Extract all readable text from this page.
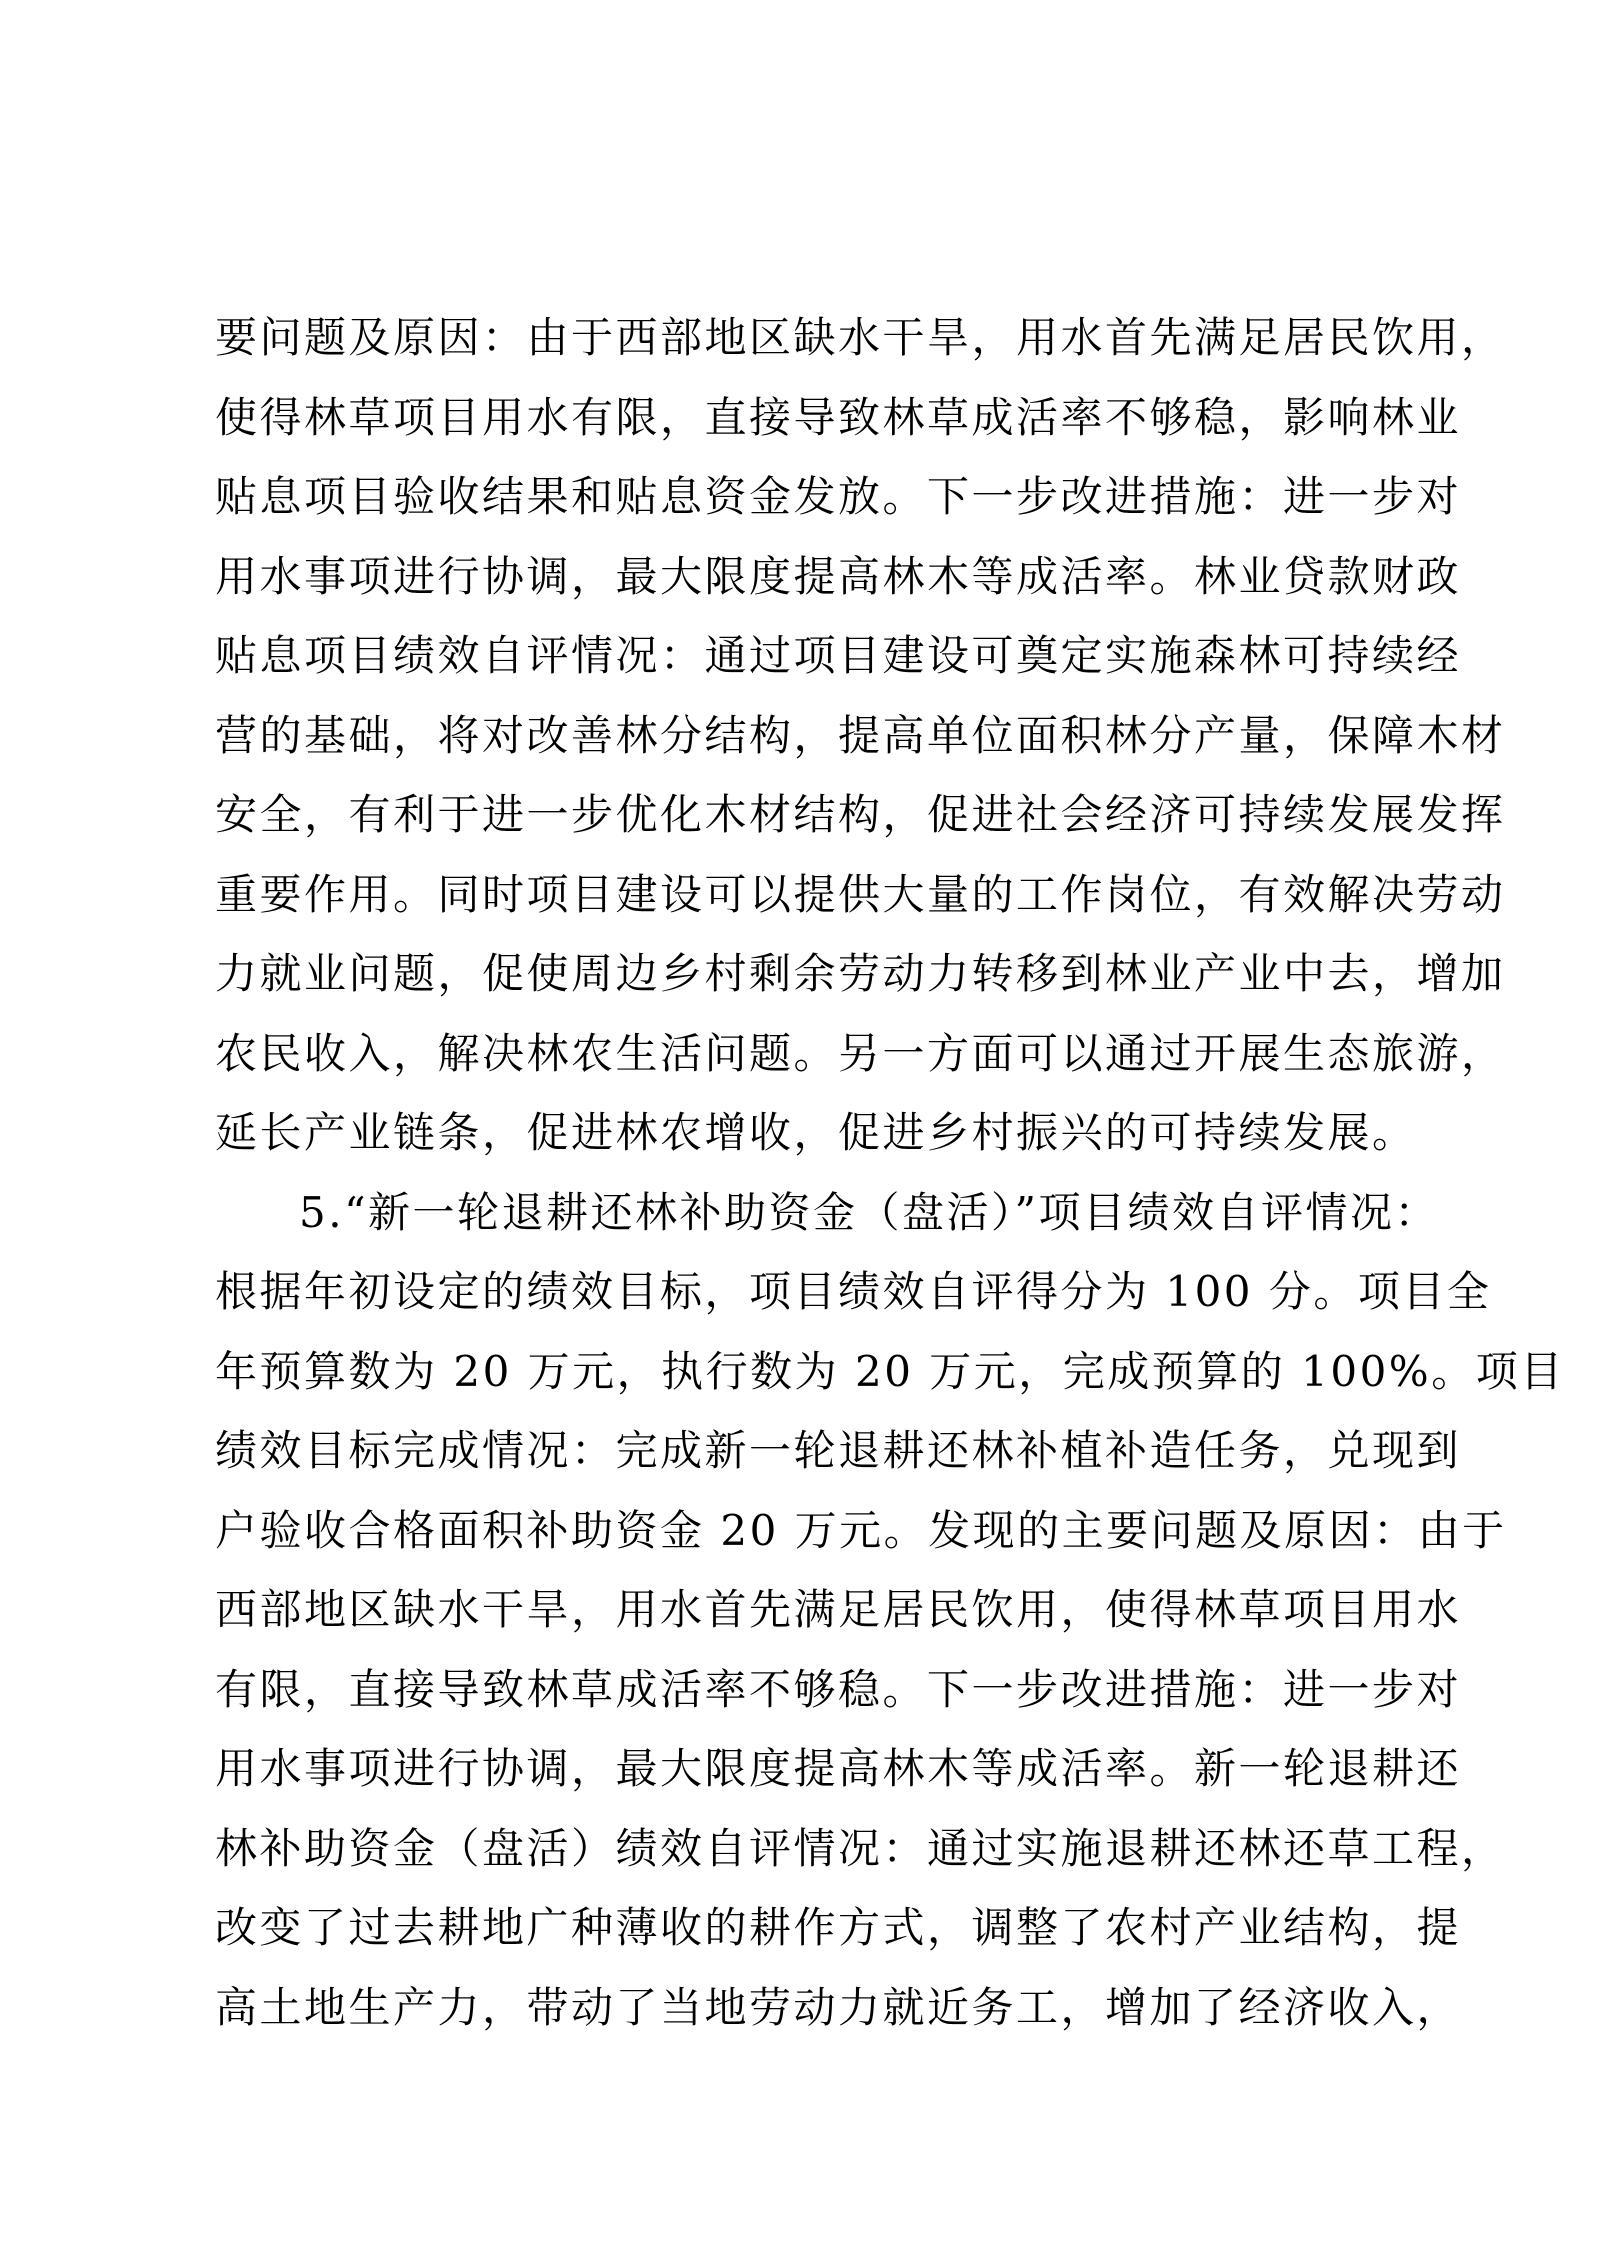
要问题及原因：由于西部地区缺水干旱，用水首先满足居民饮用，
使得林草项目用水有限，直接导致林草成活率不够稳，影响林业
贴息项目验收结果和贴息资金发放。下一步改进措施：进一步对
用水事项进行协调，最大限度提高林木等成活率。林业贷款财政
贴息项目绩效自评情况：通过项目建设可奠定实施森林可持续经
营的基础，将对改善林分结构，提高单位面积林分产量，保障木材
安全，有利于进一步优化木材结构，促进社会经济可持续发展发挥
重要作用。同时项目建设可以提供大量的工作岗位，有效解决劳动
力就业问题，促使周边乡村剩余劳动力转移到林业产业中去，增加
农民收入，解决林农生活问题。另一方面可以通过开展生态旅游，
延长产业链条，促进林农增收，促进乡村振兴的可持续发展。
5.“新一轮退耕还林补助资金（盘活）”项目绩效自评情况：
根据年初设定的绩效目标，项目绩效自评得分为 100 分。项目全
年预算数为 20 万元，执行数为 20 万元，完成预算的 100%。项目
绩效目标完成情况：完成新一轮退耕还林补植补造任务，兑现到
户验收合格面积补助资金 20 万元。发现的主要问题及原因：由于
西部地区缺水干旱，用水首先满足居民饮用，使得林草项目用水
有限，直接导致林草成活率不够稳。下一步改进措施：进一步对
用水事项进行协调，最大限度提高林木等成活率。新一轮退耕还
林补助资金（盘活）绩效自评情况：通过实施退耕还林还草工程，
改变了过去耕地广种薄收的耕作方式，调整了农村产业结构，提
高土地生产力，带动了当地劳动力就近务工，增加了经济收入，
